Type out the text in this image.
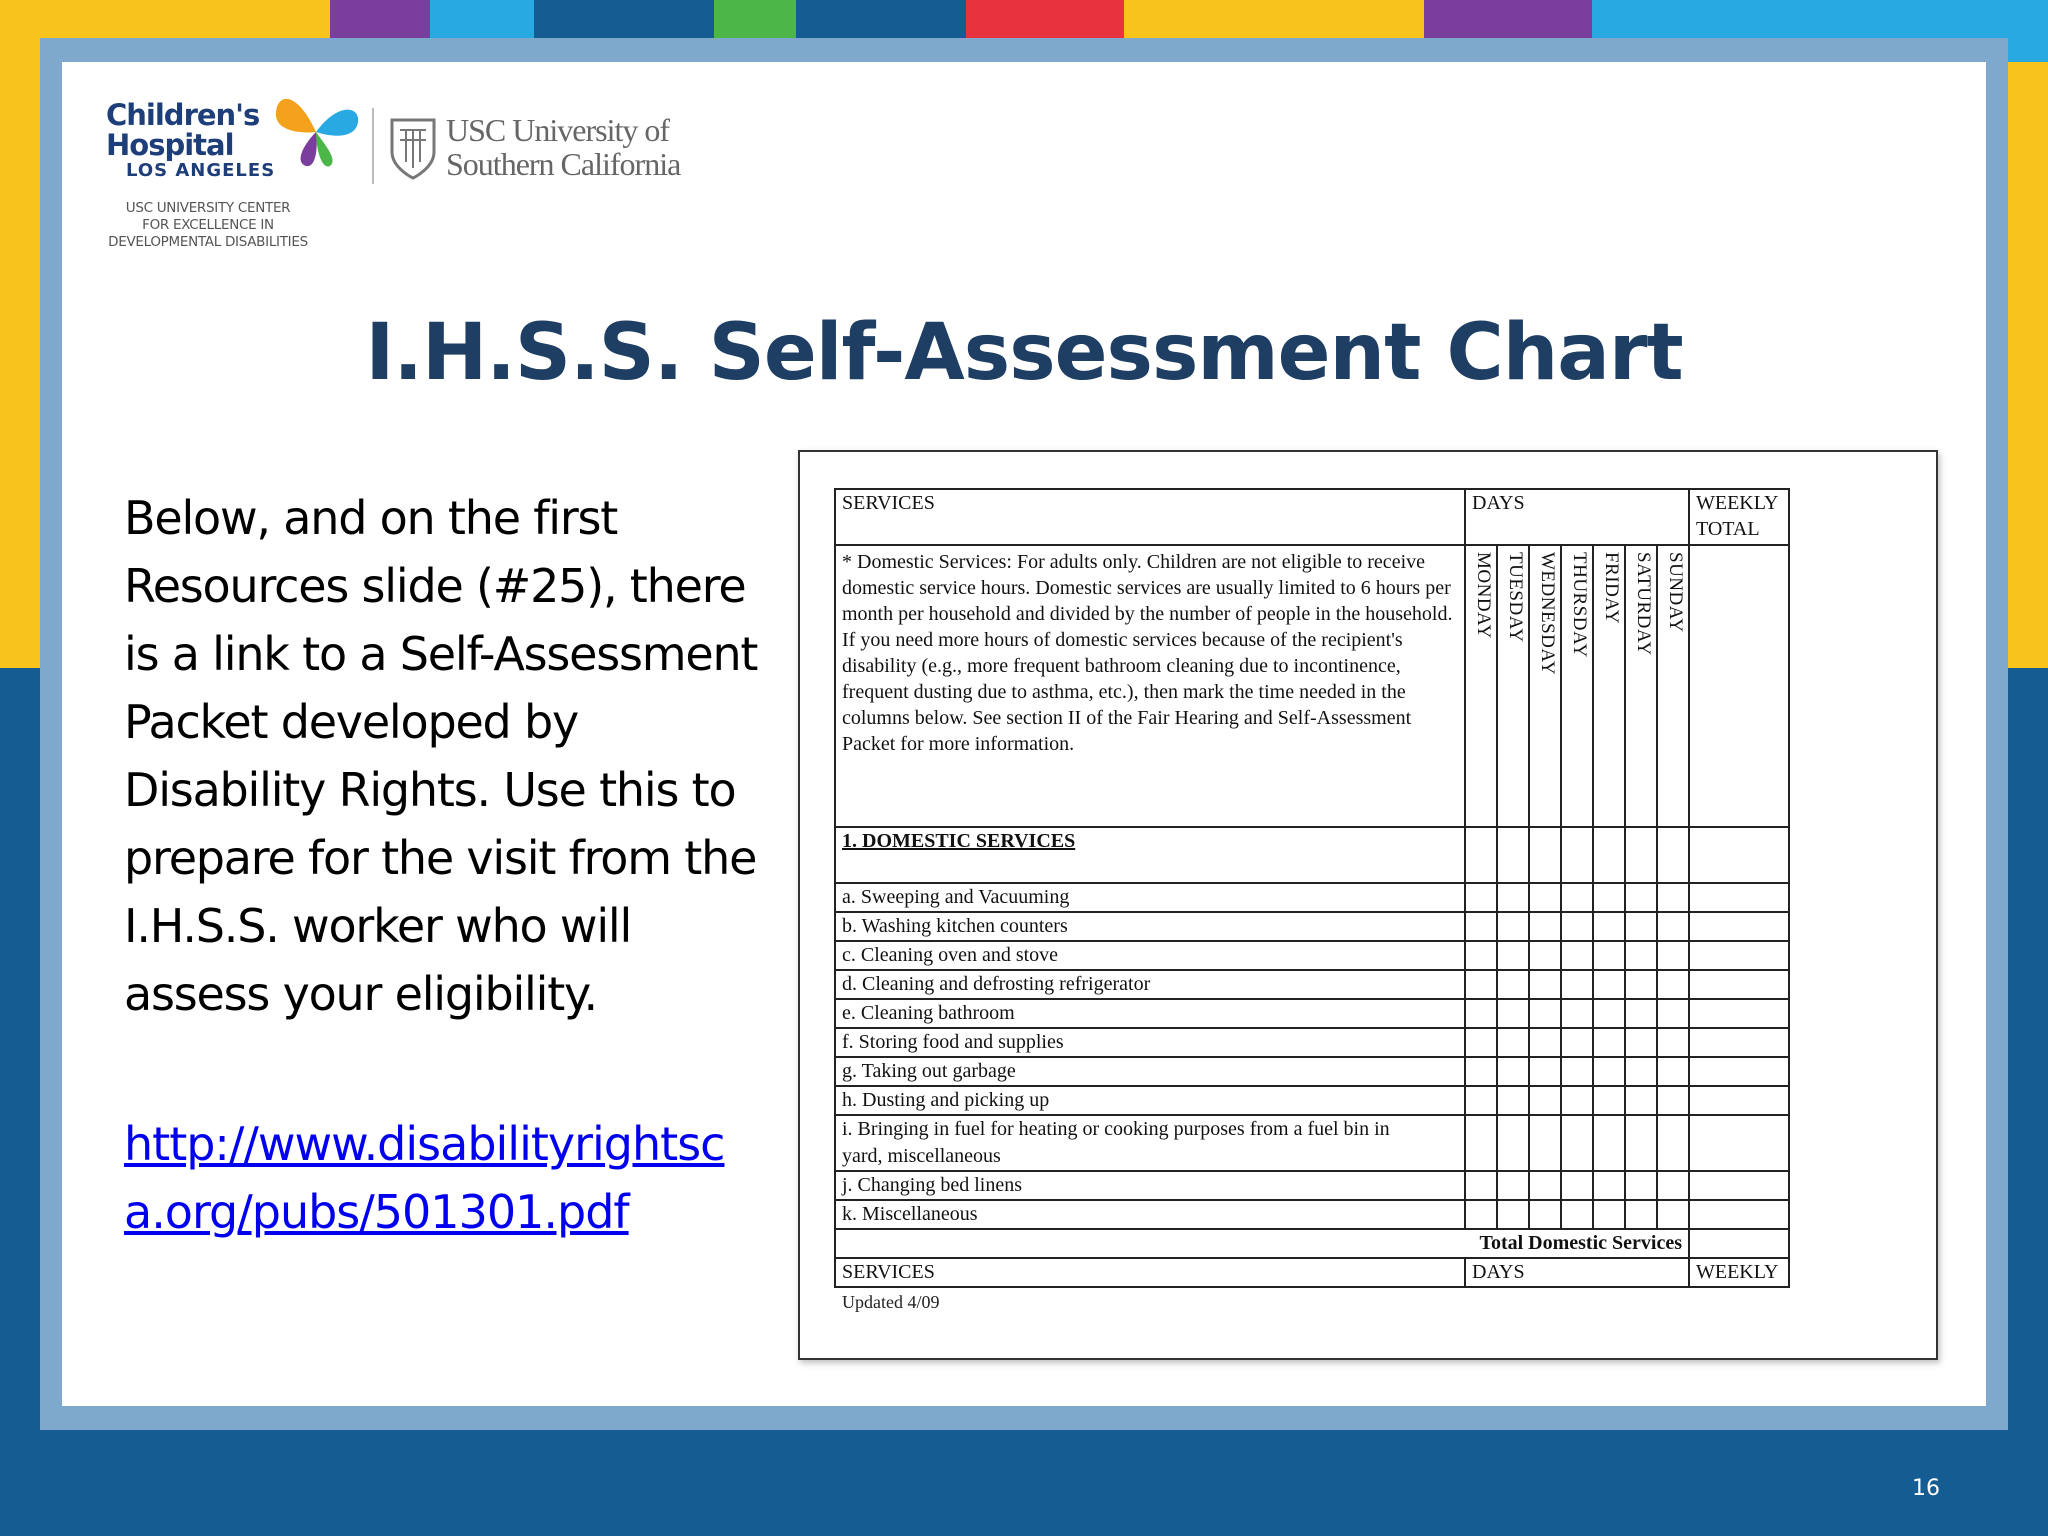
Children's
Hospital
LOS ANGELES
USC UNIVERSITY CENTER
FOR EXCELLENCE IN
DEVELOPMENTAL DISABILITIES
USC University of
Southern California
I.H.S.S. Self-Assessment Chart
Below, and on the first Resources slide (#25), there is a link to a Self-Assessment Packet developed by Disability Rights. Use this to prepare for the visit from the I.H.S.S. worker who will assess your eligibility.
http://www.disabilityrightsca.org/pubs/501301.pdf
SERVICES	DAYS							WEEKLY TOTAL
* Domestic Services: For adults only. Children are not eligible to receive domestic service hours. Domestic services are usually limited to 6 hours per month per household and divided by the number of people in the household. If you need more hours of domestic services because of the recipient's disability (e.g., more frequent bathroom cleaning due to incontinence, frequent dusting due to asthma, etc.), then mark the time needed in the columns below. See section II of the Fair Hearing and Self-Assessment Packet for more information.	MONDAY	TUESDAY	WEDNESDAY	THURSDAY	FRIDAY	SATURDAY	SUNDAY	
1. DOMESTIC SERVICES								
a. Sweeping and Vacuuming								
b. Washing kitchen counters								
c. Cleaning oven and stove								
d. Cleaning and defrosting refrigerator								
e. Cleaning bathroom								
f. Storing food and supplies								
g. Taking out garbage								
h. Dusting and picking up								

i. Bringing in fuel for heating or cooking purposes from a fuel bin in
yard, miscellaneous								

j. Changing bed linens								
k. Miscellaneous								
Total Domestic Services								
SERVICES	DAYS							WEEKLY
Updated 4/09
16
